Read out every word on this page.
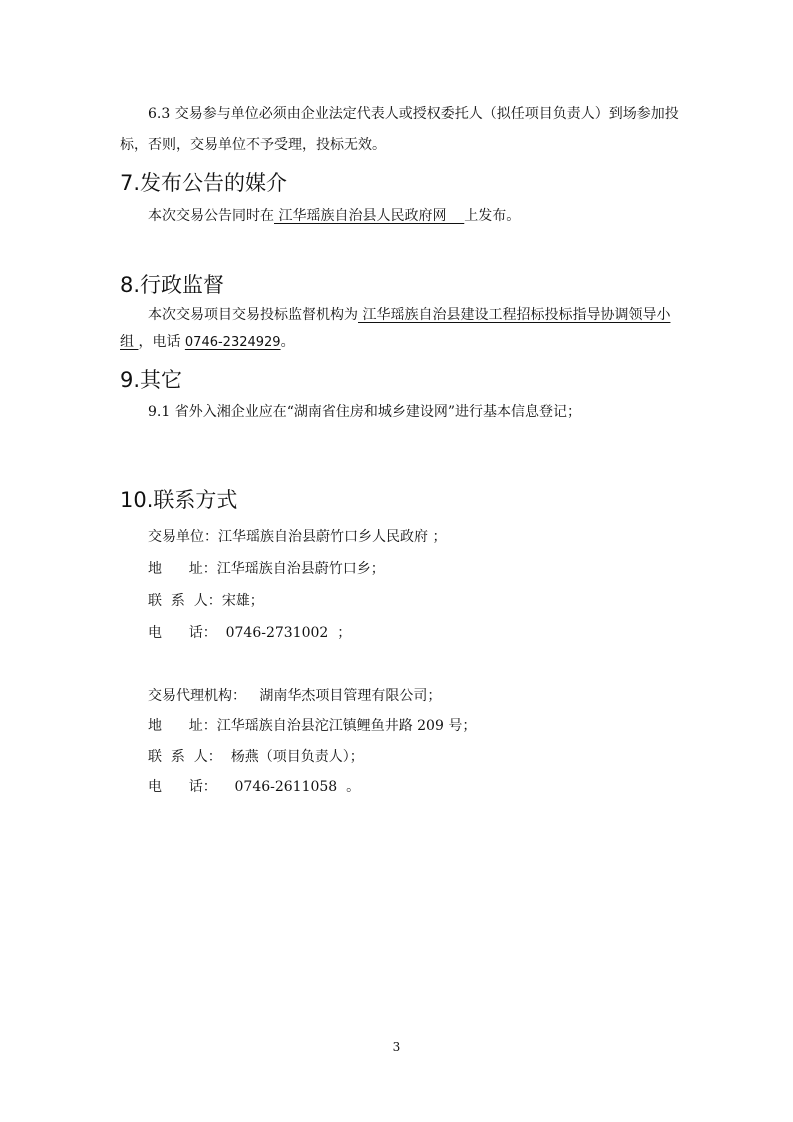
6.3 交易参与单位必须由企业法定代表人或授权委托人（拟任项目负责人）到场参加投
标，否则，交易单位不予受理，投标无效。
7.发布公告的媒介
本次交易公告同时在 江华瑶族自治县人民政府网    上发布。
8.行政监督
本次交易项目交易投标监督机构为 江华瑶族自治县建设工程招标投标指导协调领导小
组 ，电话 0746-2324929。
9.其它
9.1 省外入湘企业应在“湖南省住房和城乡建设网”进行基本信息登记；
10.联系方式
交易单位：江华瑶族自治县蔚竹口乡人民政府 ；
地      址：江华瑶族自治县蔚竹口乡；
联  系  人：宋雄；
电      话：  0746-2731002  ；
交易代理机构：   湖南华杰项目管理有限公司；
地      址：江华瑶族自治县沱江镇鲤鱼井路 209 号；
联  系  人：  杨燕（项目负责人）；
电      话：    0746-2611058  。
3
